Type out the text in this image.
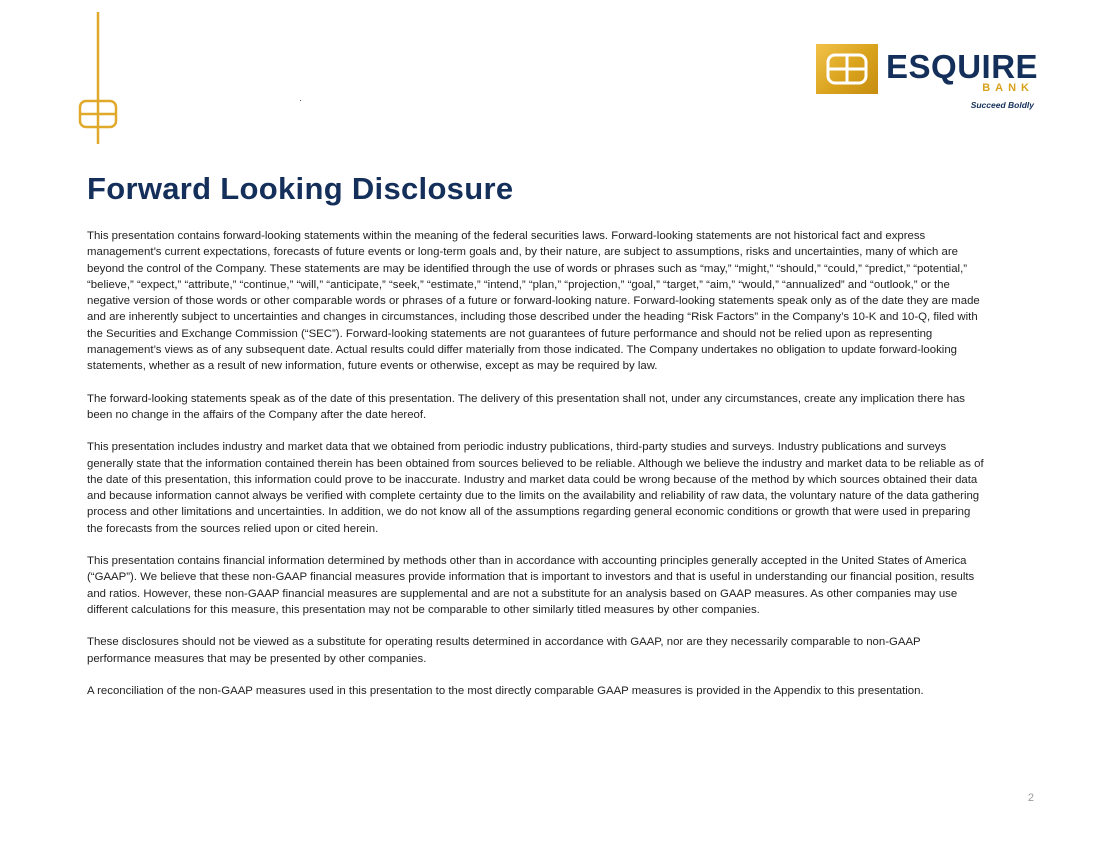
ESQUIRE
BANK
Succeed Boldly
Forward Looking Disclosure

This presentation contains forward-looking statements within the meaning of the federal securities laws. Forward-looking statements are not historical fact and express management’s current expectations, forecasts of future events or long-term goals and, by their nature, are subject to assumptions, risks and uncertainties, many of which are beyond the control of the Company. These statements are may be identified through the use of words or phrases such as “may,” “might,” “should,” “could,” “predict,” “potential,” “believe,” “expect,” “attribute,” “continue,” “will,” “anticipate,” “seek,” “estimate,” “intend,” “plan,” “projection,” “goal,” “target,” “aim,” “would,” “annualized” and “outlook,” or the negative version of those words or other comparable words or phrases of a future or forward-looking nature. Forward-looking statements speak only as of the date they are made and are inherently subject to uncertainties and changes in circumstances, including those described under the heading “Risk Factors” in the Company’s 10-K and 10-Q, filed with the Securities and Exchange Commission (“SEC”). Forward-looking statements are not guarantees of future performance and should not be relied upon as representing management’s views as of any subsequent date. Actual results could differ materially from those indicated. The Company undertakes no obligation to update forward-looking statements, whether as a result of new information, future events or otherwise, except as may be required by law.

The forward-looking statements speak as of the date of this presentation. The delivery of this presentation shall not, under any circumstances, create any implication there has been no change in the affairs of the Company after the date hereof.

This presentation includes industry and market data that we obtained from periodic industry publications, third-party studies and surveys. Industry publications and surveys generally state that the information contained therein has been obtained from sources believed to be reliable. Although we believe the industry and market data to be reliable as of the date of this presentation, this information could prove to be inaccurate. Industry and market data could be wrong because of the method by which sources obtained their data and because information cannot always be verified with complete certainty due to the limits on the availability and reliability of raw data, the voluntary nature of the data gathering process and other limitations and uncertainties. In addition, we do not know all of the assumptions regarding general economic conditions or growth that were used in preparing the forecasts from the sources relied upon or cited herein.

This presentation contains financial information determined by methods other than in accordance with accounting principles generally accepted in the United States of America (“GAAP”). We believe that these non-GAAP financial measures provide information that is important to investors and that is useful in understanding our financial position, results and ratios. However, these non-GAAP financial measures are supplemental and are not a substitute for an analysis based on GAAP measures. As other companies may use different calculations for this measure, this presentation may not be comparable to other similarly titled measures by other companies.

These disclosures should not be viewed as a substitute for operating results determined in accordance with GAAP, nor are they necessarily comparable to non-GAAP performance measures that may be presented by other companies.

A reconciliation of the non-GAAP measures used in this presentation to the most directly comparable GAAP measures is provided in the Appendix to this presentation.

2
